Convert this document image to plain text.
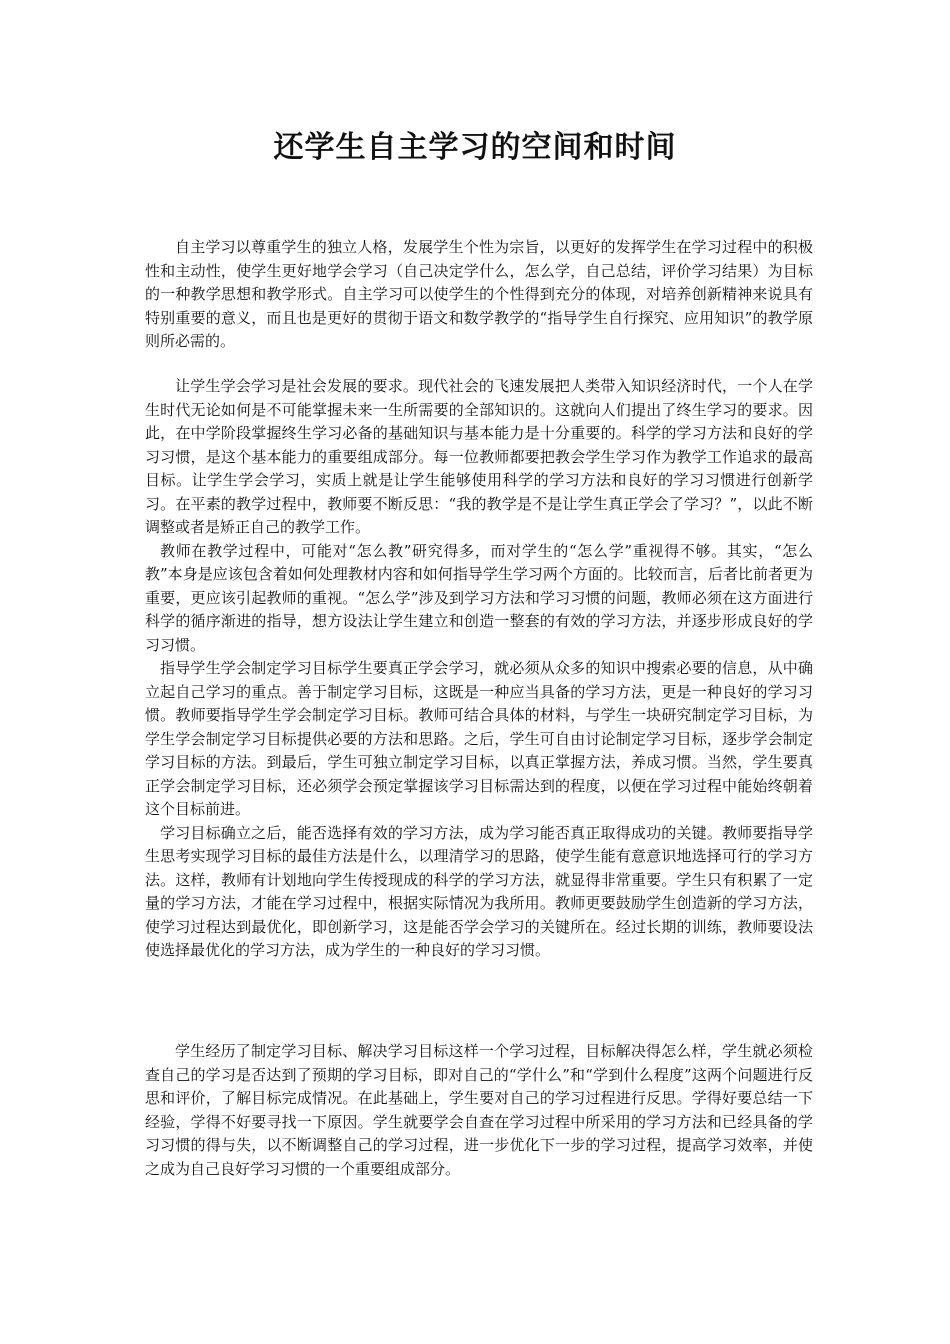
还学生自主学习的空间和时间

自主学习以尊重学生的独立人格，发展学生个性为宗旨，以更好的发挥学生在学习过程中的积极性和主动性，使学生更好地学会学习（自己决定学什么，怎么学，自己总结，评价学习结果）为目标的一种教学思想和教学形式。自主学习可以使学生的个性得到充分的体现，对培养创新精神来说具有特别重要的意义，而且也是更好的贯彻于语文和数学教学的“指导学生自行探究、应用知识”的教学原则所必需的。

让学生学会学习是社会发展的要求。现代社会的飞速发展把人类带入知识经济时代，一个人在学生时代无论如何是不可能掌握未来一生所需要的全部知识的。这就向人们提出了终生学习的要求。因此，在中学阶段掌握终生学习必备的基础知识与基本能力是十分重要的。科学的学习方法和良好的学习习惯，是这个基本能力的重要组成部分。每一位教师都要把教会学生学习作为教学工作追求的最高目标。让学生学会学习，实质上就是让学生能够使用科学的学习方法和良好的学习习惯进行创新学习。在平素的教学过程中，教师要不断反思：“我的教学是不是让学生真正学会了学习？”，以此不断调整或者是矫正自己的教学工作。

教师在教学过程中，可能对“怎么教”研究得多，而对学生的“怎么学”重视得不够。其实，“怎么教”本身是应该包含着如何处理教材内容和如何指导学生学习两个方面的。比较而言，后者比前者更为重要，更应该引起教师的重视。“怎么学”涉及到学习方法和学习习惯的问题，教师必须在这方面进行科学的循序渐进的指导，想方设法让学生建立和创造一整套的有效的学习方法，并逐步形成良好的学习习惯。

指导学生学会制定学习目标学生要真正学会学习，就必须从众多的知识中搜索必要的信息，从中确立起自己学习的重点。善于制定学习目标，这既是一种应当具备的学习方法，更是一种良好的学习习惯。教师要指导学生学会制定学习目标。教师可结合具体的材料，与学生一块研究制定学习目标，为学生学会制定学习目标提供必要的方法和思路。之后，学生可自由讨论制定学习目标，逐步学会制定学习目标的方法。到最后，学生可独立制定学习目标，以真正掌握方法，养成习惯。当然，学生要真正学会制定学习目标，还必须学会预定掌握该学习目标需达到的程度，以便在学习过程中能始终朝着这个目标前进。

学习目标确立之后，能否选择有效的学习方法，成为学习能否真正取得成功的关键。教师要指导学生思考实现学习目标的最佳方法是什么，以理清学习的思路，使学生能有意意识地选择可行的学习方法。这样，教师有计划地向学生传授现成的科学的学习方法，就显得非常重要。学生只有积累了一定量的学习方法，才能在学习过程中，根据实际情况为我所用。教师更要鼓励学生创造新的学习方法，使学习过程达到最优化，即创新学习，这是能否学会学习的关键所在。经过长期的训练，教师要设法使选择最优化的学习方法，成为学生的一种良好的学习习惯。

学生经历了制定学习目标、解决学习目标这样一个学习过程，目标解决得怎么样，学生就必须检查自己的学习是否达到了预期的学习目标，即对自己的“学什么”和“学到什么程度”这两个问题进行反思和评价，了解目标完成情况。在此基础上，学生要对自己的学习过程进行反思。学得好要总结一下经验，学得不好要寻找一下原因。学生就要学会自查在学习过程中所采用的学习方法和已经具备的学习习惯的得与失，以不断调整自己的学习过程，进一步优化下一步的学习过程，提高学习效率，并使之成为自己良好学习习惯的一个重要组成部分。
